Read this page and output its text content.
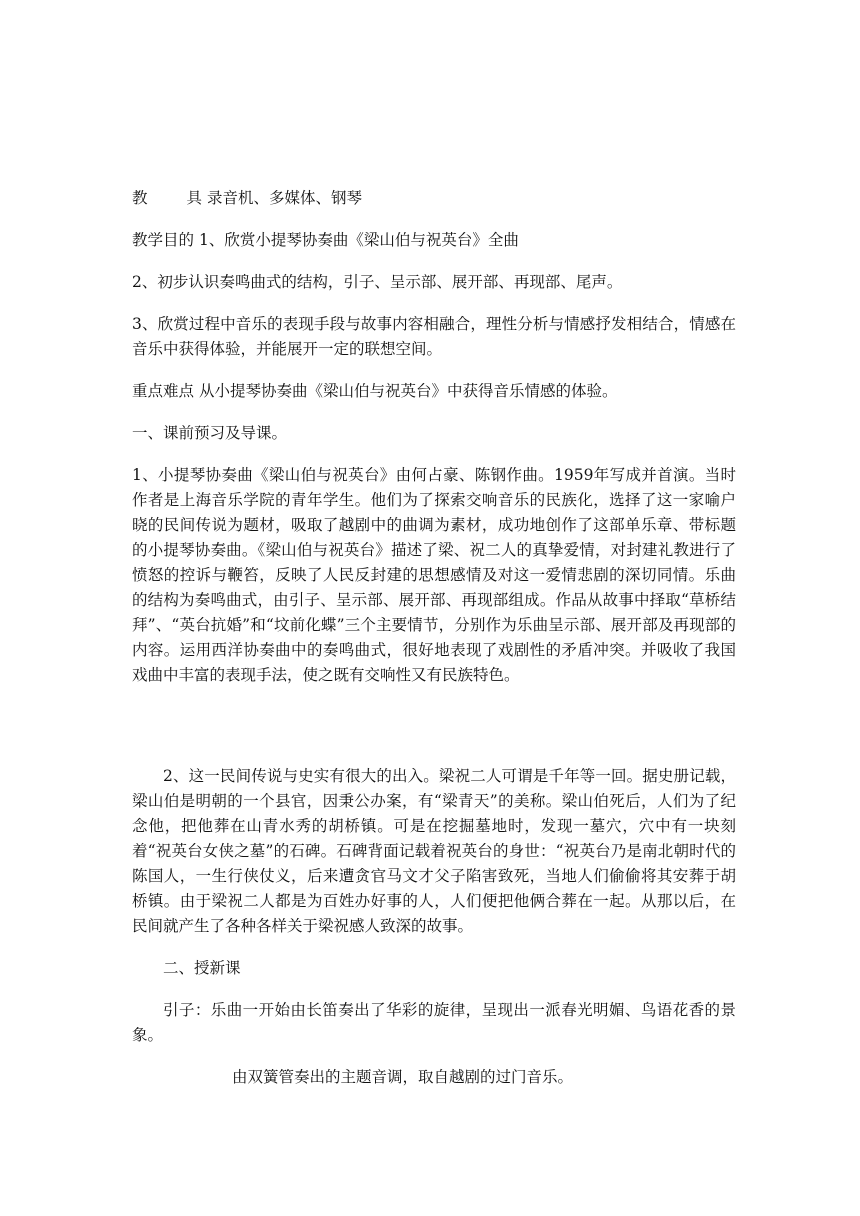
教	具 录音机、多媒体、钢琴

教学目的 1、欣赏小提琴协奏曲《梁山伯与祝英台》全曲

2、初步认识奏鸣曲式的结构，引子、呈示部、展开部、再现部、尾声。

3、欣赏过程中音乐的表现手段与故事内容相融合，理性分析与情感抒发相结合，情感在音乐中获得体验，并能展开一定的联想空间。

重点难点 从小提琴协奏曲《梁山伯与祝英台》中获得音乐情感的体验。

一、课前预习及导课。

1、小提琴协奏曲《梁山伯与祝英台》由何占豪、陈钢作曲。1959年写成并首演。当时作者是上海音乐学院的青年学生。他们为了探索交响音乐的民族化，选择了这一家喻户晓的民间传说为题材，吸取了越剧中的曲调为素材，成功地创作了这部单乐章、带标题的小提琴协奏曲。《梁山伯与祝英台》描述了梁、祝二人的真挚爱情，对封建礼教进行了愤怒的控诉与鞭笞，反映了人民反封建的思想感情及对这一爱情悲剧的深切同情。乐曲的结构为奏鸣曲式，由引子、呈示部、展开部、再现部组成。作品从故事中择取“草桥结拜”、“英台抗婚”和“坟前化蝶”三个主要情节，分别作为乐曲呈示部、展开部及再现部的内容。运用西洋协奏曲中的奏鸣曲式，很好地表现了戏剧性的矛盾冲突。并吸收了我国戏曲中丰富的表现手法，使之既有交响性又有民族特色。

2、这一民间传说与史实有很大的出入。梁祝二人可谓是千年等一回。据史册记载，梁山伯是明朝的一个县官，因秉公办案，有“梁青天”的美称。梁山伯死后，人们为了纪念他，把他葬在山青水秀的胡桥镇。可是在挖掘墓地时，发现一墓穴，穴中有一块刻着“祝英台女侠之墓”的石碑。石碑背面记载着祝英台的身世：“祝英台乃是南北朝时代的陈国人，一生行侠仗义，后来遭贪官马文才父子陷害致死，当地人们偷偷将其安葬于胡桥镇。由于梁祝二人都是为百姓办好事的人，人们便把他俩合葬在一起。从那以后，在民间就产生了各种各样关于梁祝感人致深的故事。

二、授新课

引子：乐曲一开始由长笛奏出了华彩的旋律，呈现出一派春光明媚、鸟语花香的景象。

由双簧管奏出的主题音调，取自越剧的过门音乐。
